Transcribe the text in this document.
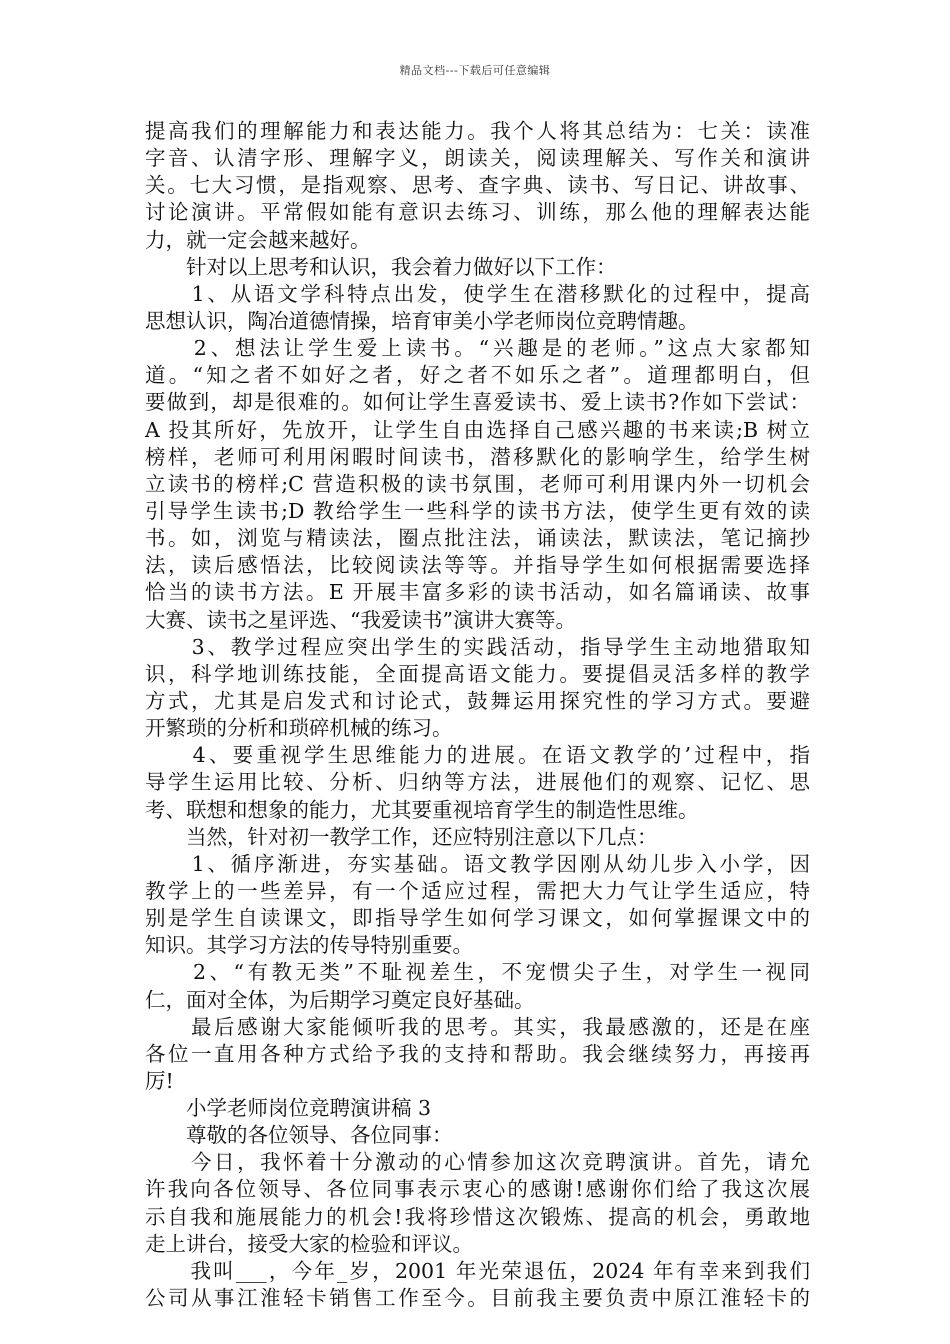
精品文档---下载后可任意编辑
提高我们的理解能力和表达能力。我个人将其总结为：七关：读准
字音、认清字形、理解字义，朗读关，阅读理解关、写作关和演讲
关。七大习惯，是指观察、思考、查字典、读书、写日记、讲故事、
讨论演讲。平常假如能有意识去练习、训练，那么他的理解表达能
力，就一定会越来越好。
　　针对以上思考和认识，我会着力做好以下工作：
　　1、从语文学科特点出发，使学生在潜移默化的过程中，提高
思想认识，陶冶道德情操，培育审美小学老师岗位竞聘情趣。
　　2、想法让学生爱上读书。“兴趣是的老师。”这点大家都知
道。“知之者不如好之者，好之者不如乐之者”。道理都明白，但
要做到，却是很难的。如何让学生喜爱读书、爱上读书?作如下尝试：
A 投其所好，先放开，让学生自由选择自己感兴趣的书来读;B 树立
榜样，老师可利用闲暇时间读书，潜移默化的影响学生，给学生树
立读书的榜样;C 营造积极的读书氛围，老师可利用课内外一切机会
引导学生读书;D 教给学生一些科学的读书方法，使学生更有效的读
书。如，浏览与精读法，圈点批注法，诵读法，默读法，笔记摘抄
法，读后感悟法，比较阅读法等等。并指导学生如何根据需要选择
恰当的读书方法。E 开展丰富多彩的读书活动，如名篇诵读、故事
大赛、读书之星评选、“我爱读书”演讲大赛等。
　　3、教学过程应突出学生的实践活动，指导学生主动地猎取知
识，科学地训练技能，全面提高语文能力。要提倡灵活多样的教学
方式，尤其是启发式和讨论式，鼓舞运用探究性的学习方式。要避
开繁琐的分析和琐碎机械的练习。
　　4、要重视学生思维能力的进展。在语文教学的’过程中，指
导学生运用比较、分析、归纳等方法，进展他们的观察、记忆、思
考、联想和想象的能力，尤其要重视培育学生的制造性思维。
　　当然，针对初一教学工作，还应特别注意以下几点：
　　1、循序渐进，夯实基础。语文教学因刚从幼儿步入小学，因
教学上的一些差异，有一个适应过程，需把大力气让学生适应，特
别是学生自读课文，即指导学生如何学习课文，如何掌握课文中的
知识。其学习方法的传导特别重要。
　　2、“有教无类”不耻视差生，不宠惯尖子生，对学生一视同
仁，面对全体，为后期学习奠定良好基础。
　　最后感谢大家能倾听我的思考。其实，我最感激的，还是在座
各位一直用各种方式给予我的支持和帮助。我会继续努力，再接再
厉!
　　小学老师岗位竞聘演讲稿 3
　　尊敬的各位领导、各位同事：
　　今日，我怀着十分激动的心情参加这次竞聘演讲。首先，请允
许我向各位领导、各位同事表示衷心的感谢!感谢你们给了我这次展
示自我和施展能力的机会!我将珍惜这次锻炼、提高的机会，勇敢地
走上讲台，接受大家的检验和评议。
　　我叫___，今年_岁，2001 年光荣退伍，2024 年有幸来到我们
公司从事江淮轻卡销售工作至今。目前我主要负责中原江淮轻卡的
